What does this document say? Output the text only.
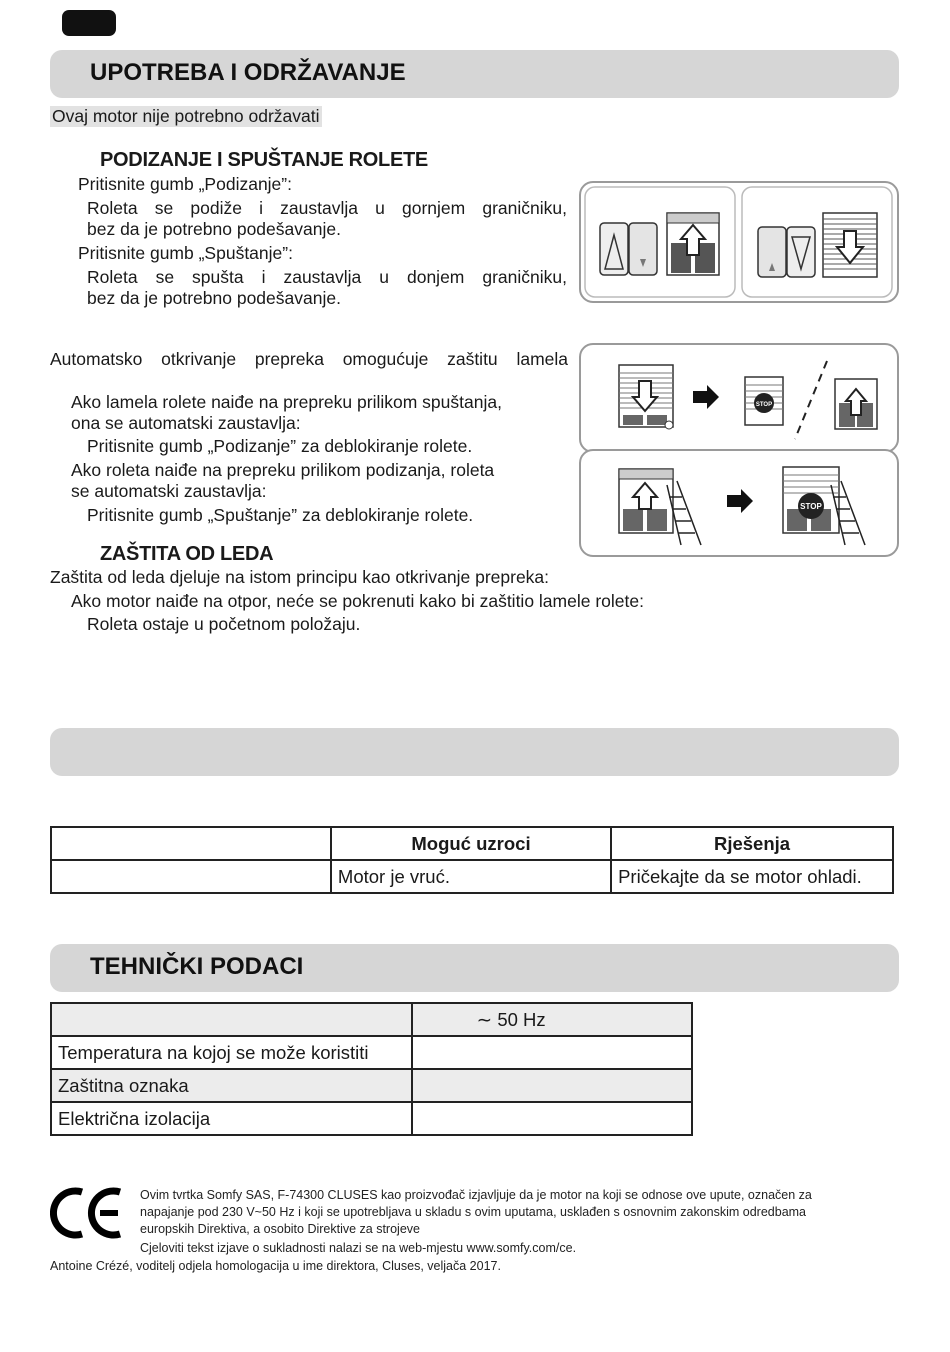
UPOTREBA I ODRŽAVANJE
Ovaj motor nije potrebno održavati
PODIZANJE I SPUŠTANJE ROLETE
Pritisnite gumb „Podizanje”:
Roleta se podiže i zaustavlja u gornjem graničniku,
bez da je potrebno podešavanje.
Pritisnite gumb „Spuštanje”:
Roleta se spušta i zaustavlja u donjem graničniku,
bez da je potrebno podešavanje.
Automatsko otkrivanje prepreka omogućuje zaštitu lamela
Ako lamela rolete naiđe na prepreku prilikom spuštanja,
ona se automatski zaustavlja:
Pritisnite gumb „Podizanje” za deblokiranje rolete.
Ako roleta naiđe na prepreku prilikom podizanja, roleta
se automatski zaustavlja:
Pritisnite gumb „Spuštanje” za deblokiranje rolete.
STOP
STOP
ZAŠTITA OD LEDA
Zaštita od leda djeluje na istom principu kao otkrivanje prepreka:
Ako motor naiđe na otpor, neće se pokrenuti kako bi zaštitio lamele rolete:
Roleta ostaje u početnom položaju.
	Moguć uzroci	Rješenja
	Motor je vruć.	Pričekajte da se motor ohladi.
TEHNIČKI PODACI
	∼ 50 Hz
Temperatura na kojoj se može koristiti	
Zaštitna oznaka	
Električna izolacija	
Ovim tvrtka Somfy SAS, F-74300 CLUSES kao proizvođač izjavljuje da je motor na koji se odnose ove upute, označen za
napajanje pod 230 V~50 Hz i koji se upotrebljava u skladu s ovim uputama, usklađen s osnovnim zakonskim odredbama
europskih Direktiva, a osobito Direktive za strojeve
Cjeloviti tekst izjave o sukladnosti nalazi se na web-mjestu www.somfy.com/ce.
Antoine Crézé, voditelj odjela homologacija u ime direktora, Cluses, veljača 2017.
